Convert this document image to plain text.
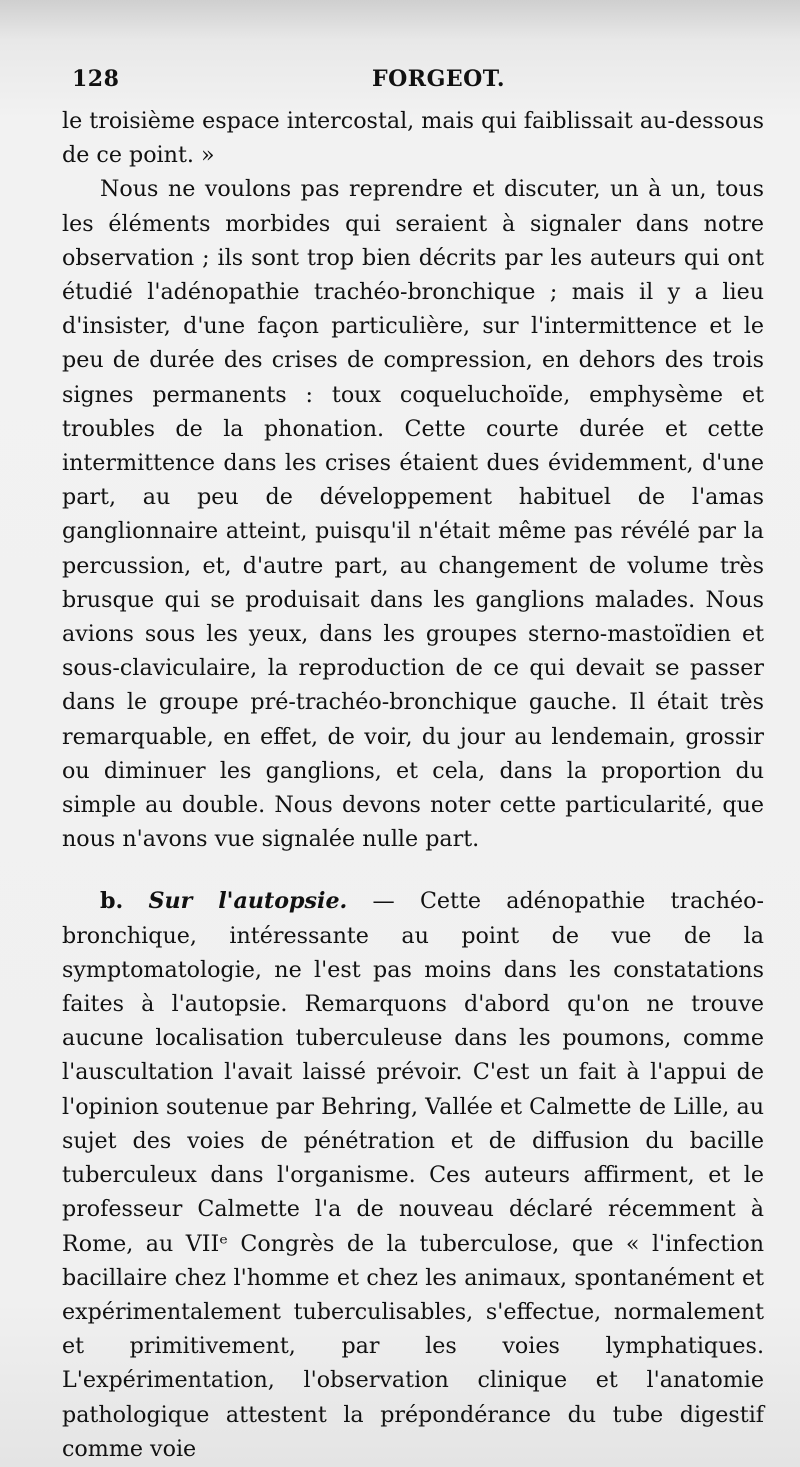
128	FORGEOT.

le troisième espace intercostal, mais qui faiblissait au-dessous de ce point. »

Nous ne voulons pas reprendre et discuter, un à un, tous les éléments morbides qui seraient à signaler dans notre observation ; ils sont trop bien décrits par les auteurs qui ont étudié l'adénopathie trachéo-bronchique ; mais il y a lieu d'insister, d'une façon particulière, sur l'intermittence et le peu de durée des crises de compression, en dehors des trois signes permanents : toux coqueluchoïde, emphysème et troubles de la phonation. Cette courte durée et cette intermittence dans les crises étaient dues évidemment, d'une part, au peu de développement habituel de l'amas ganglionnaire atteint, puisqu'il n'était même pas révélé par la percussion, et, d'autre part, au changement de volume très brusque qui se produisait dans les ganglions malades. Nous avions sous les yeux, dans les groupes sterno-mastoïdien et sous-claviculaire, la reproduction de ce qui devait se passer dans le groupe pré-trachéo-bronchique gauche. Il était très remarquable, en effet, de voir, du jour au lendemain, grossir ou diminuer les ganglions, et cela, dans la proportion du simple au double. Nous devons noter cette particularité, que nous n'avons vue signalée nulle part.

b. Sur l'autopsie. — Cette adénopathie trachéo-bronchique, intéressante au point de vue de la symptomatologie, ne l'est pas moins dans les constatations faites à l'autopsie. Remarquons d'abord qu'on ne trouve aucune localisation tuberculeuse dans les poumons, comme l'auscultation l'avait laissé prévoir. C'est un fait à l'appui de l'opinion soutenue par Behring, Vallée et Calmette de Lille, au sujet des voies de pénétration et de diffusion du bacille tuberculeux dans l'organisme. Ces auteurs affirment, et le professeur Calmette l'a de nouveau déclaré récemment à Rome, au VIIᵉ Congrès de la tuberculose, que « l'infection bacillaire chez l'homme et chez les animaux, spontanément et expérimentalement tuberculisables, s'effectue, normalement et primitivement, par les voies lymphatiques. L'expérimentation, l'observation clinique et l'anatomie pathologique attestent la prépondérance du tube digestif comme voie
